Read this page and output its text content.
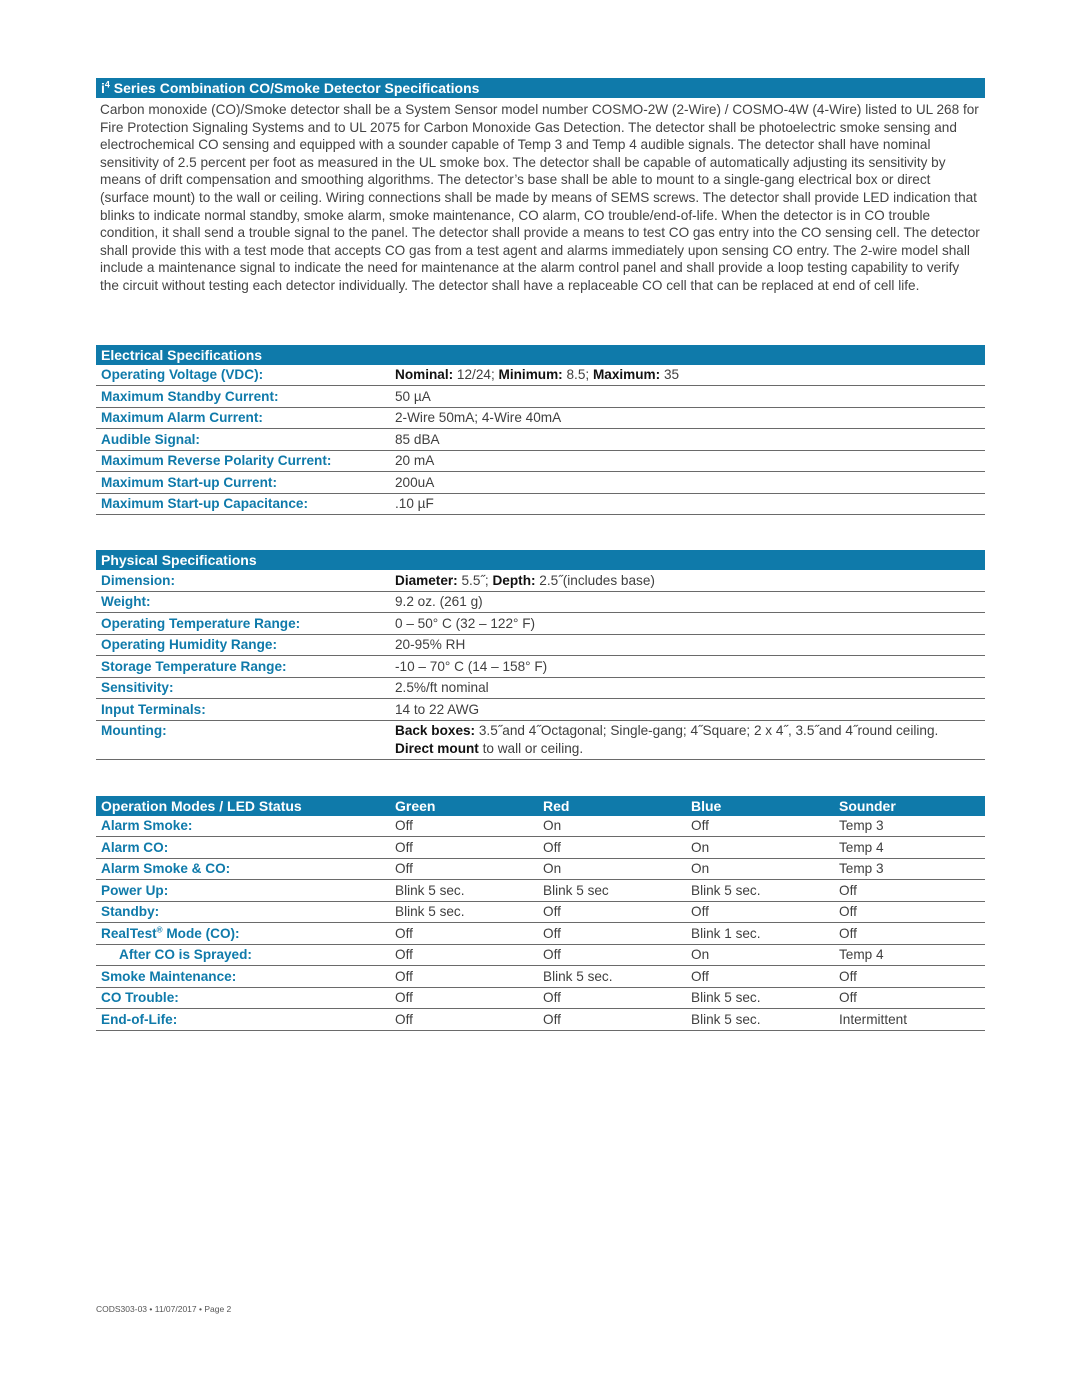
$i^4$ Series Combination CO/Smoke Detector Specifications

Carbon monoxide (CO)/Smoke detector shall be a System Sensor model number COSMO-2W (2-Wire) / COSMO-4W (4-Wire) listed to UL 268 for Fire Protection Signaling Systems and to UL 2075 for Carbon Monoxide Gas Detection. The detector shall be photoelectric smoke sensing and electrochemical CO sensing and equipped with a sounder capable of Temp 3 and Temp 4 audible signals. The detector shall have nominal sensitivity of 2.5 percent per foot as measured in the UL smoke box. The detector shall be capable of automatically adjusting its sensitivity by means of drift compensation and smoothing algorithms. The detector’s base shall be able to mount to a single-gang electrical box or direct (surface mount) to the wall or ceiling. Wiring connections shall be made by means of SEMS screws. The detector shall provide LED indication that blinks to indicate normal standby, smoke alarm, smoke maintenance, CO alarm, CO trouble/end-of-life. When the detector is in CO trouble condition, it shall send a trouble signal to the panel. The detector shall provide a means to test CO gas entry into the CO sensing cell. The detector shall provide this with a test mode that accepts CO gas from a test agent and alarms immediately upon sensing CO entry. The 2-wire model shall include a maintenance signal to indicate the need for maintenance at the alarm control panel and shall provide a loop testing capability to verify the circuit without testing each detector individually. The detector shall have a replaceable CO cell that can be replaced at end of cell life.

Electrical Specifications
Operating Voltage (VDC):	Nominal: 12/24; Minimum: 8.5; Maximum: 35
Maximum Standby Current:	50 µA
Maximum Alarm Current:	2-Wire 50mA; 4-Wire 40mA
Audible Signal:	85 dBA
Maximum Reverse Polarity Current:	20 mA
Maximum Start-up Current:	200uA
Maximum Start-up Capacitance:	.10 µF
Physical Specifications
Dimension:	Diameter: 5.5˝; Depth: 2.5˝(includes base)
Weight:	9.2 oz. (261 g)
Operating Temperature Range:	0 – 50° C (32 – 122° F)
Operating Humidity Range:	20-95% RH
Storage Temperature Range:	-10 – 70° C (14 – 158° F)
Sensitivity:	2.5%/ft nominal
Input Terminals:	14 to 22 AWG
Mounting:	Back boxes: 3.5˝and 4˝Octagonal; Single-gang; 4˝Square; 2 x 4˝, 3.5˝and 4˝round ceiling.
Direct mount to wall or ceiling.
Operation Modes / LED Status	Green	Red	Blue	Sounder
Alarm Smoke:	Off	On	Off	Temp 3
Alarm CO:	Off	Off	On	Temp 4
Alarm Smoke & CO:	Off	On	On	Temp 3
Power Up:	Blink 5 sec.	Blink 5 sec	Blink 5 sec.	Off
Standby:	Blink 5 sec.	Off	Off	Off
RealTest® Mode (CO):	Off	Off	Blink 1 sec.	Off
After CO is Sprayed:	Off	Off	On	Temp 4
Smoke Maintenance:	Off	Blink 5 sec.	Off	Off
CO Trouble:	Off	Off	Blink 5 sec.	Off
End-of-Life:	Off	Off	Blink 5 sec.	Intermittent
CODS303-03 • 11/07/2017 • Page 2
